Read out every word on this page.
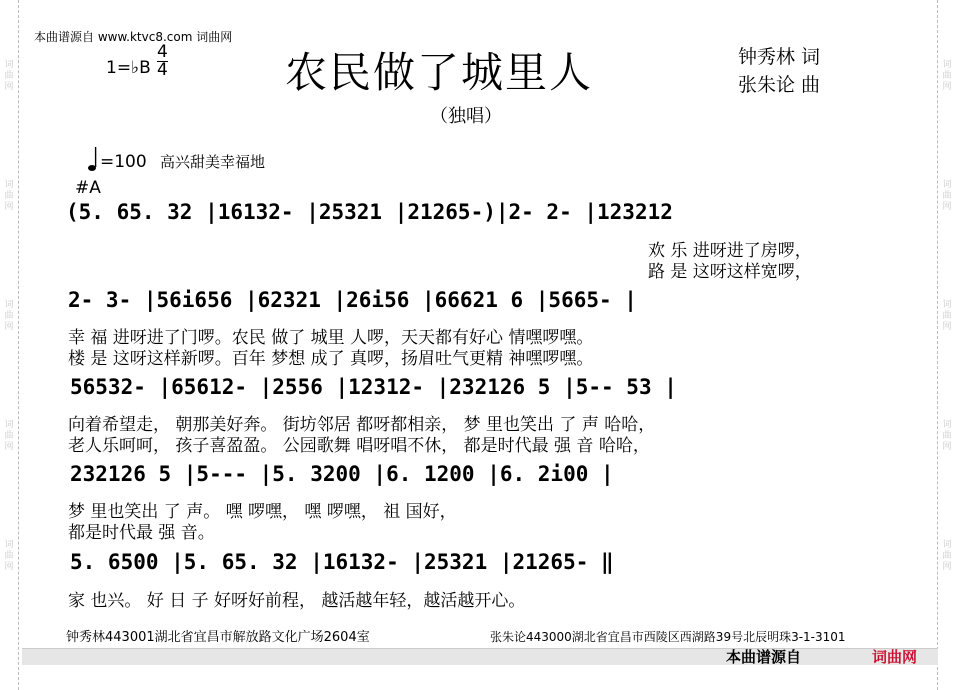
词曲网
词曲网
词曲网
词曲网
词曲网
词曲网
词曲网
词曲网
词曲网
词曲网
本曲谱源自 www.ktvc8.com 词曲网
1=♭B $\frac{4}{4}$	农民做了城里人
（独唱）
钟秀林 词
张朱论 曲
=100 高兴甜美幸福地
#A
(5. 65. 32 |16132- |25321 |21265-)|2- 2- |123212
欢 乐 进呀进了房啰，
路 是 这呀这样宽啰，
2- 3- |56i656 |62321 |26i56 |66621 6 |5665- |
幸 福 进呀进了门啰。农民 做了 城里 人啰，天天都有好心 情嘿啰嘿。
楼 是 这呀这样新啰。百年 梦想 成了 真啰，扬眉吐气更精 神嘿啰嘿。
56532- |65612- |2556 |12312- |232126 5 |5-- 53 |
向着希望走， 朝那美好奔。 街坊邻居 都呀都相亲， 梦 里也笑出 了 声 哈哈，
老人乐呵呵， 孩子喜盈盈。 公园歌舞 唱呀唱不休， 都是时代最 强 音 哈哈，
232126 5 |5--- |5. 3200 |6. 1200 |6. 2i00 |
梦 里也笑出 了 声。 嘿 啰嘿， 嘿 啰嘿， 祖 国好，
都是时代最 强 音。
5. 6500 |5. 65. 32 |16132- |25321 |21265- ‖
家 也兴。 好 日 子 好呀好前程， 越活越年轻，越活越开心。
钟秀林443001湖北省宜昌市解放路文化广场2604室	张朱论443000湖北省宜昌市西陵区西湖路39号北辰明珠3-1-3101
本曲谱源自	词曲网
